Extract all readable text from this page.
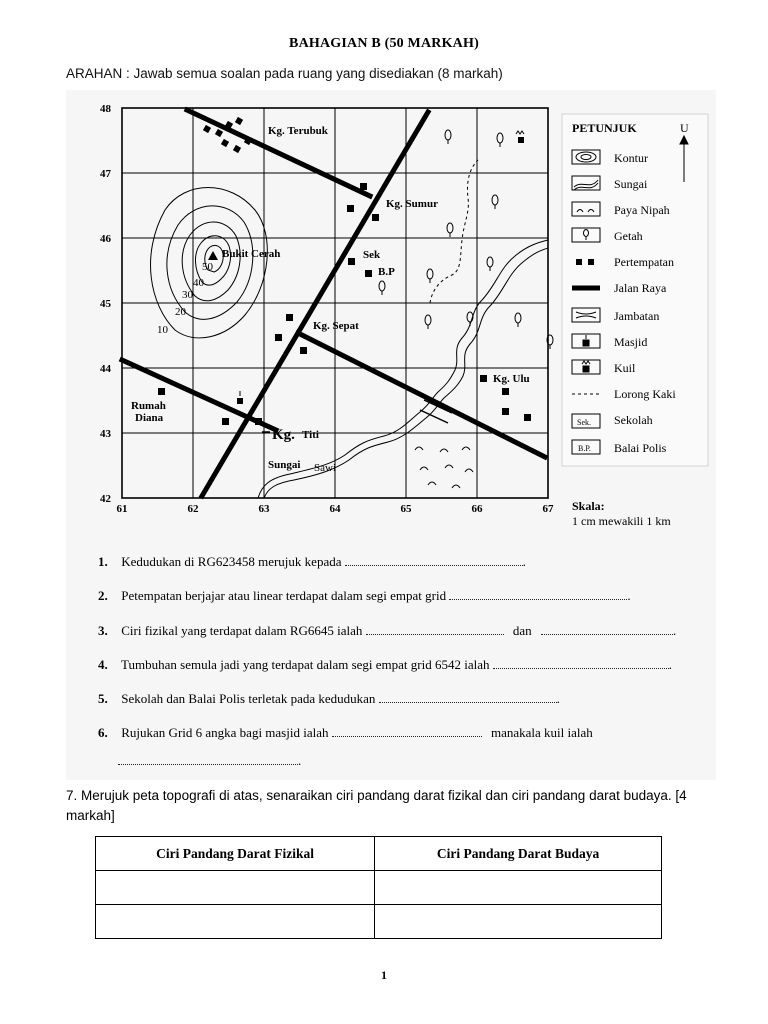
BAHAGIAN B (50 MARKAH)
ARAHAN : Jawab semua soalan pada ruang yang disediakan (8 markah)
48
47
46
45
44
43
42
61	62	63	64	65	66	67
50
40
30
20
10
Bukit Cerah
Kg. Terubuk
Kg. Sumur
Sek
B.P
Kg. Sepat
Kg. Ulu
Rumah
Diana
Kg. Titi
Sungai Sawi
PETUNJUK	U
Sek.
B.P.
Kontur
Sungai
Paya Nipah
Getah
Pertempatan
Jalan Raya
Jambatan
Masjid
Kuil
Lorong Kaki
Sekolah
Balai Polis
Skala:
1 cm mewakili 1 km
1. Kedudukan di RG623458 merujuk kepada	.
2. Petempatan berjajar atau linear terdapat dalam segi empat grid	.
3. Ciri fizikal yang terdapat dalam RG6645 ialah	dan	.
4. Tumbuhan semula jadi yang terdapat dalam segi empat grid 6542 ialah	.
5. Sekolah dan Balai Polis terletak pada kedudukan	.
6. Rujukan Grid 6 angka bagi masjid ialah	manakala kuil ialah
.
7. Merujuk peta topografi di atas, senaraikan ciri pandang darat fizikal dan ciri pandang darat budaya. [4 markah]
Ciri Pandang Darat Fizikal	Ciri Pandang Darat Budaya

1
